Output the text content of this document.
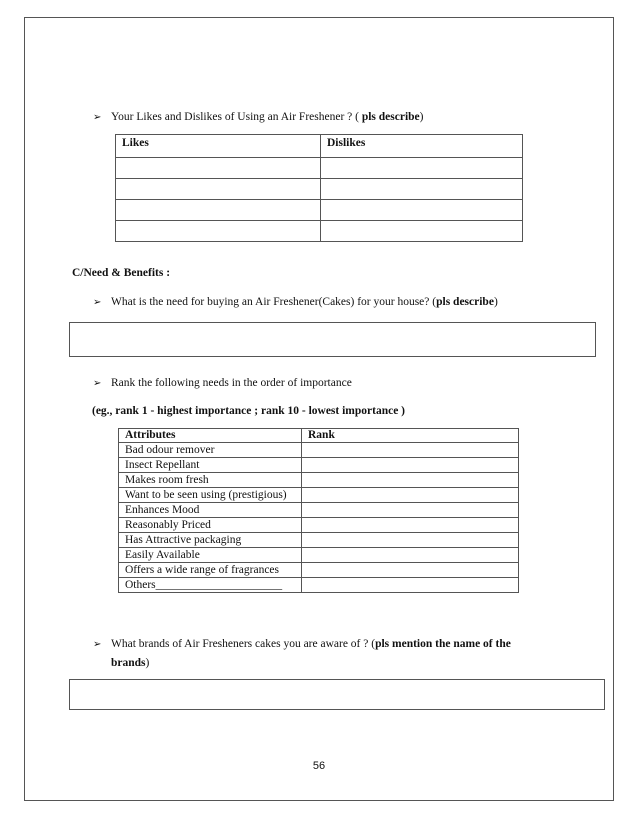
➢ Your Likes and Dislikes of Using an Air Freshener ? ( pls describe)
Likes	Dislikes

C/Need & Benefits :
➢ What is the need for buying an Air Freshener(Cakes) for your house? (pls describe)
➢ Rank the following needs in the order of importance
(eg., rank 1 - highest importance ; rank 10 - lowest importance )
Attributes	Rank
Bad odour remover	
Insect Repellant	
Makes room fresh	
Want to be seen using (prestigious)	
Enhances Mood	
Reasonably Priced	
Has Attractive packaging	
Easily Available	
Offers a wide range of fragrances	
Others______________________	
➢ What brands of Air Fresheners cakes you are aware of ? (pls mention the name of the
brands)
56
